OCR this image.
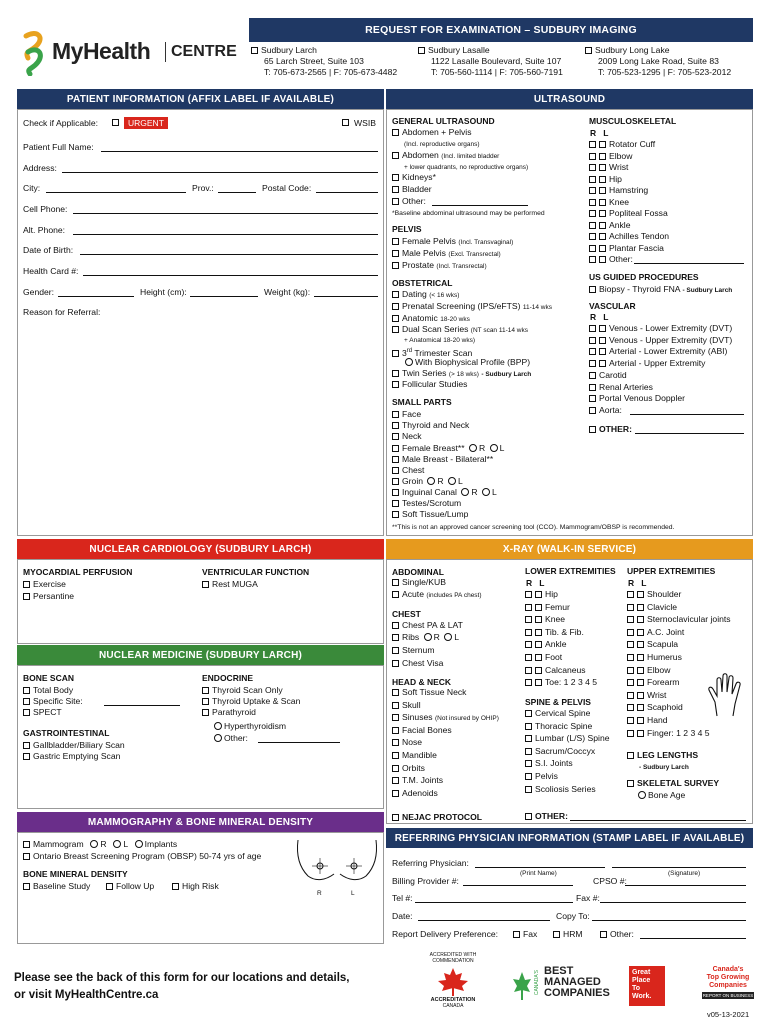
MyHealth CENTRE
REQUEST FOR EXAMINATION – SUDBURY IMAGING
Sudbury Larch
65 Larch Street, Suite 103
T: 705-673-2565 | F: 705-673-4482
Sudbury Lasalle
1122 Lasalle Boulevard, Suite 107
T: 705-560-1114 | F: 705-560-7191
Sudbury Long Lake
2009 Long Lake Road, Suite 83
T: 705-523-1295 | F: 705-523-2012
PATIENT INFORMATION (AFFIX LABEL IF AVAILABLE)
Check if Applicable:	URGENT	WSIB
Patient Full Name:
Address:
City:	Prov.:	Postal Code:
Cell Phone:
Alt. Phone:
Date of Birth:
Health Card #:
Gender:	Height (cm):	Weight (kg):
Reason for Referral:
ULTRASOUND
GENERAL ULTRASOUND
Abdomen + Pelvis
(Incl. reproductive organs)
Abdomen (Incl. limited bladder
+ lower quadrants, no reproductive organs)
Kidneys*
Bladder
Other:
*Baseline abdominal ultrasound may be performed
PELVIS
Female Pelvis (Incl. Transvaginal)
Male Pelvis (Excl. Transrectal)
Prostate (Incl. Transrectal)
OBSTETRICAL
Dating (< 16 wks)
Prenatal Screening (IPS/eFTS) 11-14 wks
Anatomic 18-20 wks
Dual Scan Series (NT scan 11-14 wks
+ Anatomical 18-20 wks)
3rd Trimester Scan
With Biophysical Profile (BPP)
Twin Series (> 18 wks) - Sudbury Larch
Follicular Studies
SMALL PARTS
Face
Thyroid and Neck
Neck
Female Breast** R L
Male Breast - Bilateral**
Chest
Groin R L
Inguinal Canal R L
Testes/Scrotum
Soft Tissue/Lump
**This is not an approved cancer screening tool (CCO). Mammogram/OBSP is recommended.
MUSCULOSKELETAL
R L
Rotator Cuff
Elbow
Wrist
Hip
Hamstring
Knee
Popliteal Fossa
Ankle
Achilles Tendon
Plantar Fascia
Other:
US GUIDED PROCEDURES
Biopsy - Thyroid FNA - Sudbury Larch
VASCULAR
R L
Venous - Lower Extremity (DVT)
Venous - Upper Extremity (DVT)
Arterial - Lower Extremity (ABI)
Arterial - Upper Extremity
Carotid
Renal Arteries
Portal Venous Doppler
Aorta:
OTHER:
NUCLEAR CARDIOLOGY (SUDBURY LARCH)
MYOCARDIAL PERFUSION
Exercise
Persantine
VENTRICULAR FUNCTION
Rest MUGA
NUCLEAR MEDICINE (SUDBURY LARCH)
BONE SCAN
Total Body
Specific Site:
SPECT
GASTROINTESTINAL
Gallbladder/Biliary Scan
Gastric Emptying Scan
ENDOCRINE
Thyroid Scan Only
Thyroid Uptake & Scan
Parathyroid
Hyperthyroidism
Other:
MAMMOGRAPHY & BONE MINERAL DENSITY
Mammogram R L Implants
Ontario Breast Screening Program (OBSP) 50-74 yrs of age
BONE MINERAL DENSITY
Baseline Study	Follow Up	High Risk
R	L
X-RAY (WALK-IN SERVICE)
ABDOMINAL
Single/KUB
Acute (includes PA chest)
CHEST
Chest PA & LAT
Ribs R L
Sternum
Chest Visa
HEAD & NECK
Soft Tissue Neck
Skull
Sinuses (Not insured by OHIP)
Facial Bones
Nose
Mandible
Orbits
T.M. Joints
Adenoids
LOWER EXTREMITIES
R L
Hip
Femur
Knee
Tib. & Fib.
Ankle
Foot
Calcaneus
Toe: 1 2 3 4 5
SPINE & PELVIS
Cervical Spine
Thoracic Spine
Lumbar (L/S) Spine
Sacrum/Coccyx
S.I. Joints
Pelvis
Scoliosis Series
UPPER EXTREMITIES
R L
Shoulder
Clavicle
Sternoclavicular joints
A.C. Joint
Scapula
Humerus
Elbow
Forearm
Wrist
Scaphoid
Hand
Finger: 1 2 3 4 5
LEG LENGTHS
- Sudbury Larch
SKELETAL SURVEY
Bone Age
NEJAC PROTOCOL	OTHER:
REFERRING PHYSICIAN INFORMATION (STAMP LABEL IF AVAILABLE)
Referring Physician:
(Print Name)	(Signature)
Billing Provider #:	CPSO #:
Tel #:	Fax #:
Date:	Copy To:
Report Delivery Preference:	Fax	HRM	Other:
Please see the back of this form for our locations and details,
or visit MyHealthCentre.ca
ACCREDITED WITH COMMENDATION
ACCREDITATION
CANADA
CANADA'S BEST
MANAGED
COMPANIES
Great
Place
To
Work.
Canada's
Top Growing
Companies
REPORT ON BUSINESS
v05-13-2021
